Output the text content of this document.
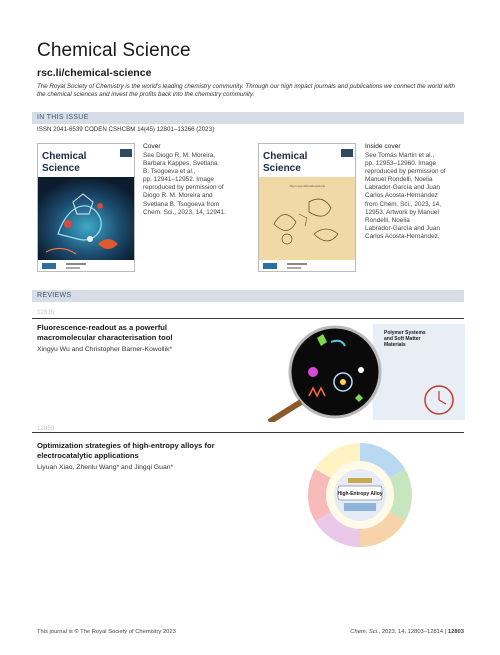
Chemical Science
rsc.li/chemical-science
The Royal Society of Chemistry is the world's leading chemistry community. Through our high impact journals and publications we connect the world with the chemical sciences and invest the profits back into the chemistry community.
IN THIS ISSUE
ISSN 2041-6539 CODEN CSHCBM 14(45) 12801–13266 (2023)
Chemical
Science
Cover
See Diogo R. M. Moreira,
Barbara Kappes, Svetlana
B. Tsogoeva et al.,
pp. 12941–12952. Image
reproduced by permission of
Diogo R. M. Moreira and
Svetlana B. Tsogoeva from
Chem. Sci., 2023, 14, 12941.
Chemical
Science
The Cage Metamorphosis
Inside cover
See Tomás Martín et al.,
pp. 12953–12960. Image
reproduced by permission of
Manuel Rondelli, Noelia
Labrador-García and Juan
Carlos Acosta-Hernández
from Chem. Sci., 2023, 14,
12953. Artwork by Manuel
Rondelli, Noelia
Labrador-García and Juan
Carlos Acosta-Hernández.
REVIEWS
12815
Fluorescence-readout as a powerful
macromolecular characterisation tool
Xingyu Wu and Christopher Barner-Kowollik*
Polymer Systems
and Soft Matter
Materials
12850
Optimization strategies of high-entropy alloys for
electrocatalytic applications
Liyuan Xiao, Zhenlu Wang* and Jingqi Guan*
High-Entropy Alloy
This journal is © The Royal Society of Chemistry 2023	Chem. Sci., 2023, 14, 12803–12814 | 12803
